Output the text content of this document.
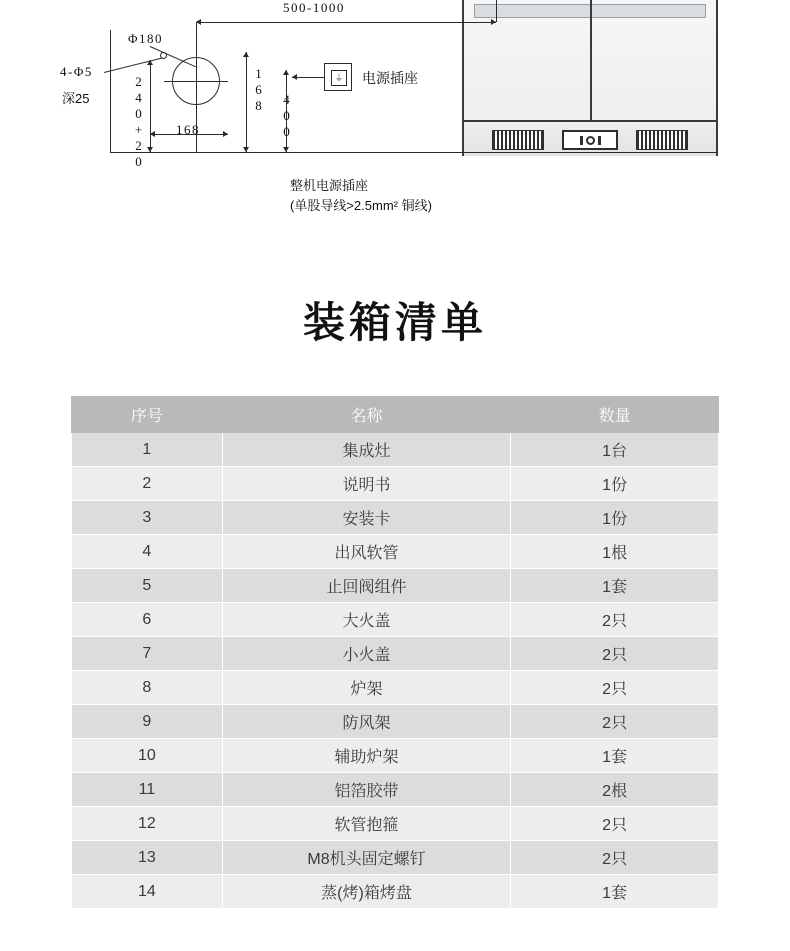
500-1000
Φ180
4-Φ5
深25	240+20 168
168
400
⏚ 电源插座
整机电源插座
(单股导线>2.5mm² 铜线)
装箱清单
序号	名称	数量
1	集成灶	1台
2	说明书	1份
3	安装卡	1份
4	出风软管	1根
5	止回阀组件	1套
6	大火盖	2只
7	小火盖	2只
8	炉架	2只
9	防风架	2只
10	辅助炉架	1套
11	铝箔胶带	2根
12	软管抱箍	2只
13	M8机头固定螺钉	2只
14	蒸(烤)箱烤盘	1套
